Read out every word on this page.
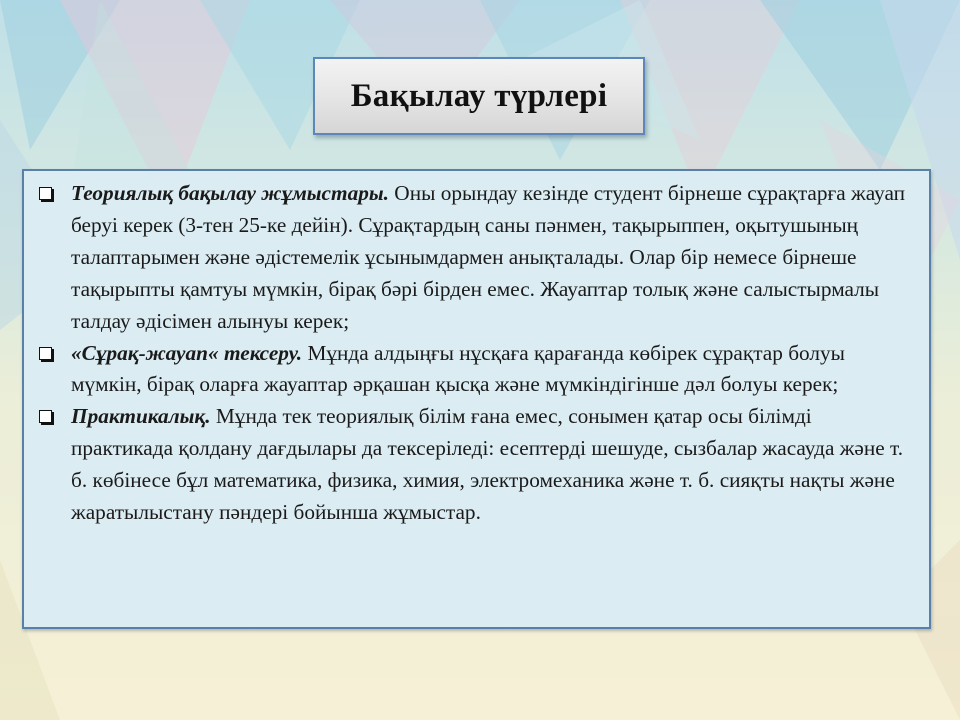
Бақылау түрлері
Теориялық бақылау жұмыстары. Оны орындау кезінде студент бірнеше сұрақтарға жауап беруі керек (3-тен 25-ке дейін). Сұрақтардың саны пәнмен, тақырыппен, оқытушының талаптарымен және әдістемелік ұсынымдармен анықталады. Олар бір немесе бірнеше тақырыпты қамтуы мүмкін, бірақ бәрі бірден емес. Жауаптар толық және салыстырмалы талдау әдісімен алынуы керек;
«Сұрақ-жауап« тексеру. Мұнда алдыңғы нұсқаға қарағанда көбірек сұрақтар болуы мүмкін, бірақ оларға жауаптар әрқашан қысқа және мүмкіндігінше дәл болуы керек;
Практикалық. Мұнда тек теориялық білім ғана емес, сонымен қатар осы білімді практикада қолдану дағдылары да тексеріледі: есептерді шешуде, сызбалар жасауда және т. б. көбінесе бұл математика, физика, химия, электромеханика және т. б. сияқты нақты және жаратылыстану пәндері бойынша жұмыстар.
